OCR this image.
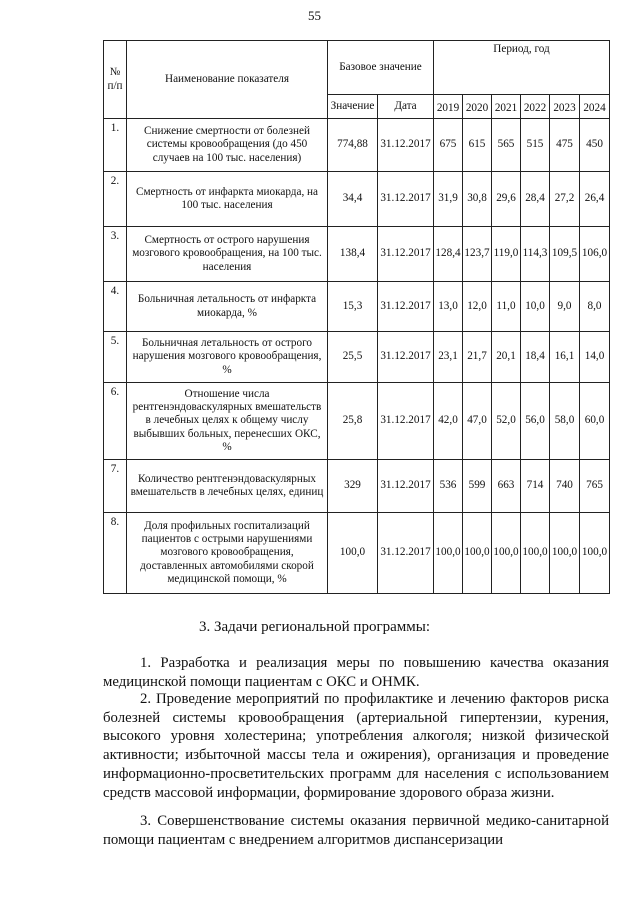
55
№
п/п	Наименование показателя	Базовое значение		Период, год					

		Значение	Дата	2019	2020	2021	2022	2023	2024
1.	Снижение смертности от болезней системы кровообращения (до 450 случаев на 100 тыс. населения)	774,88	31.12.2017	675	615	565	515	475	450
2.	Смертность от инфаркта миокарда, на 100 тыс. населения	34,4	31.12.2017	31,9	30,8	29,6	28,4	27,2	26,4
3.	Смертность от острого нарушения мозгового кровообращения, на 100 тыс. населения	138,4	31.12.2017	128,4	123,7	119,0	114,3	109,5	106,0
4.	Больничная летальность от инфаркта миокарда, %	15,3	31.12.2017	13,0	12,0	11,0	10,0	9,0	8,0
5.	Больничная летальность от острого нарушения мозгового кровообращения, %	25,5	31.12.2017	23,1	21,7	20,1	18,4	16,1	14,0
6.	Отношение числа рентгенэндоваскулярных вмешательств в лечебных целях к общему числу выбывших больных, перенесших ОКС, %	25,8	31.12.2017	42,0	47,0	52,0	56,0	58,0	60,0
7.	Количество рентгенэндоваскулярных вмешательств в лечебных целях, единиц	329	31.12.2017	536	599	663	714	740	765
8.	Доля профильных госпитализаций пациентов с острыми нарушениями мозгового кровообращения, доставленных автомобилями скорой медицинской помощи, %	100,0	31.12.2017	100,0	100,0	100,0	100,0	100,0	100,0
3. Задачи региональной программы:

1. Разработка и реализация меры по повышению качества оказания медицинской помощи пациентам с ОКС и ОНМК.

2. Проведение мероприятий по профилактике и лечению факторов риска болезней системы кровообращения (артериальной гипертензии, курения, высокого уровня холестерина; употребления алкоголя; низкой физической активности; избыточной массы тела и ожирения), организация и проведение информационно-просветительских программ для населения с использованием средств массовой информации, формирование здорового образа жизни.

3. Совершенствование системы оказания первичной медико-санитарной помощи пациентам с внедрением алгоритмов диспансеризации
